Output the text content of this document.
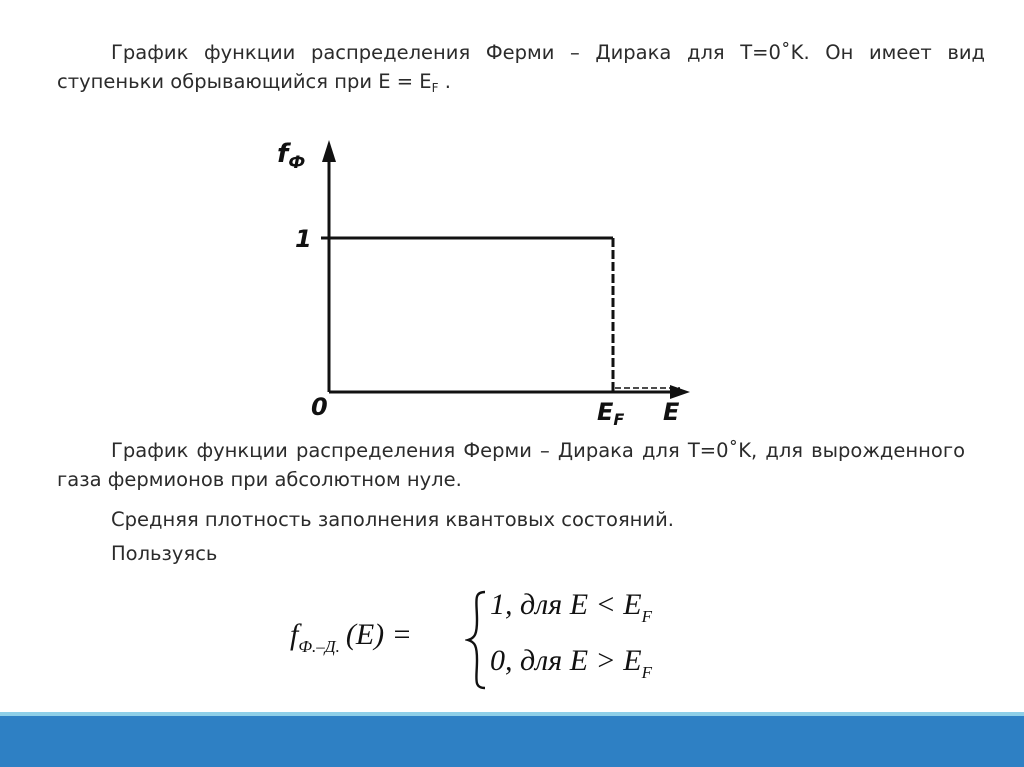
График функции распределения Ферми – Дирака для T=0˚K. Он имеет вид ступеньки обрывающийся при $E = E_F$ .

$f_Ф$
1
0	$E_F$ E

График функции распределения Ферми – Дирака для T=0˚K, для вырожденного газа фермионов при абсолютном нуле.

Средняя плотность заполнения квантовых состояний.

Пользуясь

$f_{Ф.-Д.}$ (E) =
1, для $E < E_F$
0, для $E > E_F$
